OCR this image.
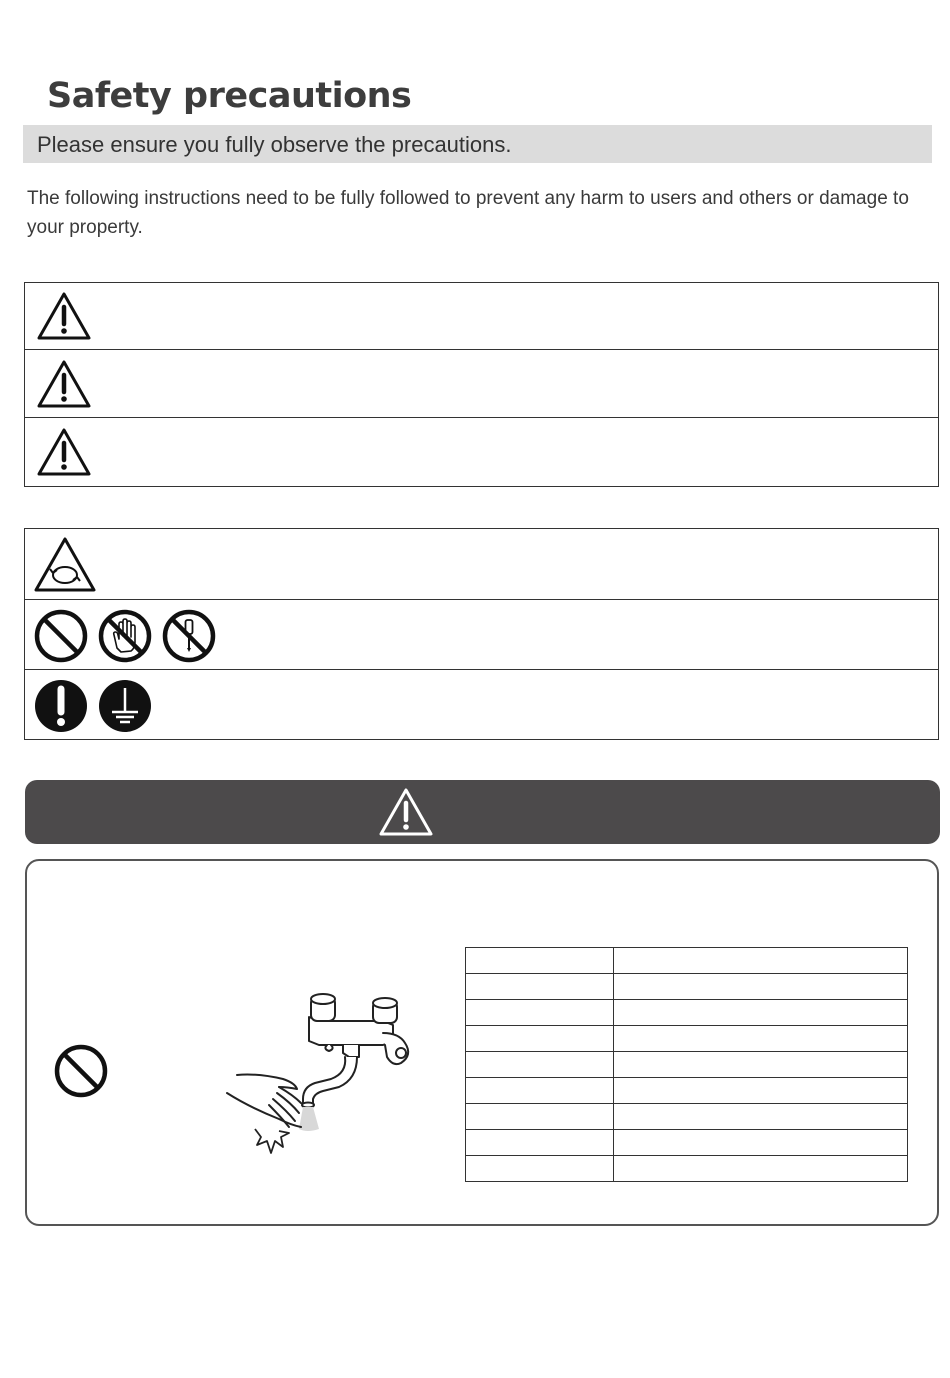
Safety precautions
Please ensure you fully observe the precautions.

The following instructions need to be fully followed to prevent any harm to users and others or damage to your property.
